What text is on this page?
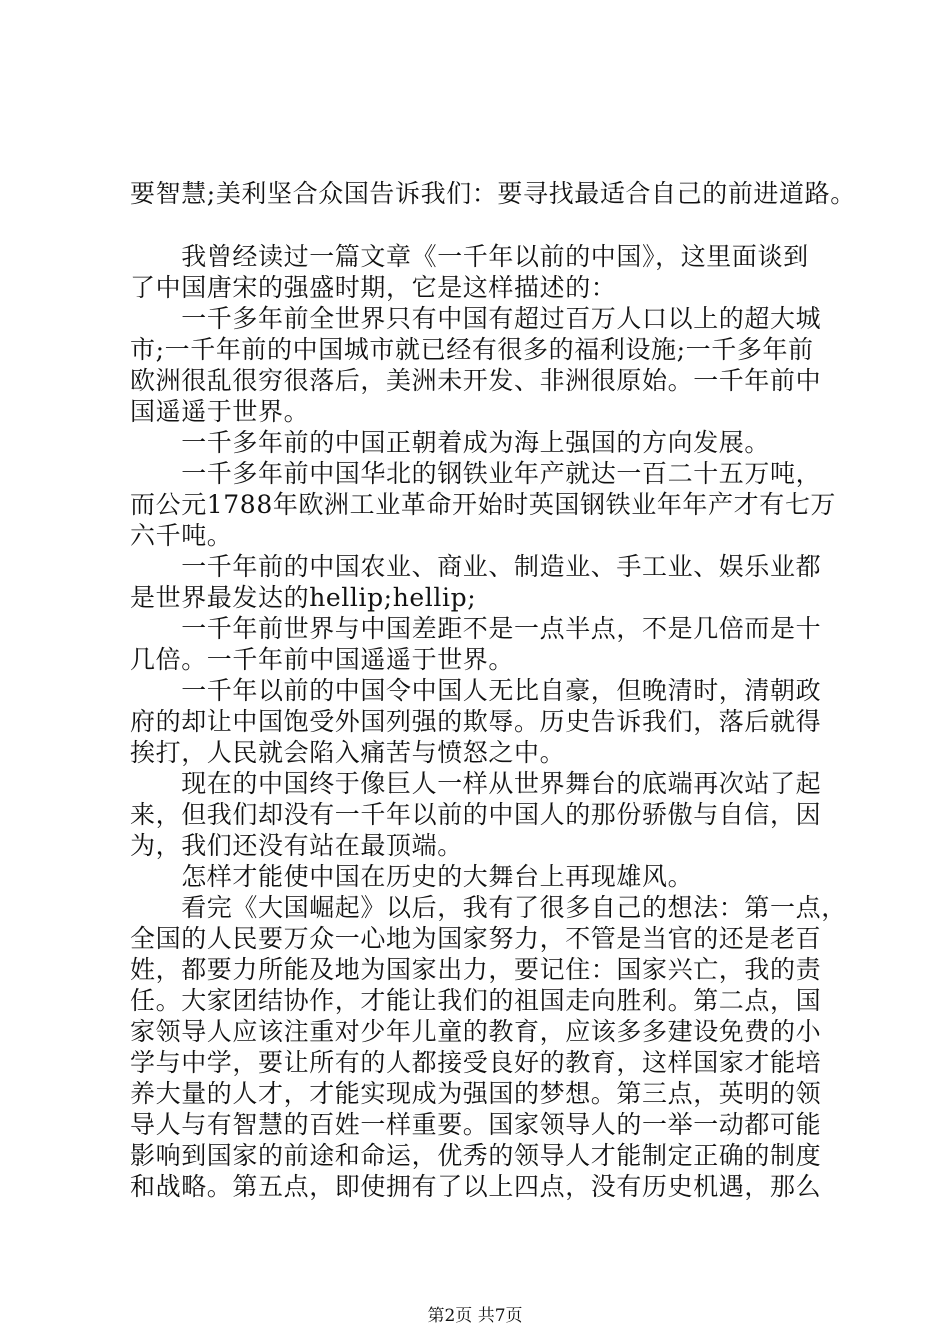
要智慧;美利坚合众国告诉我们：要寻找最适合自己的前进道路。
　　我曾经读过一篇文章《一千年以前的中国》，这里面谈到
了中国唐宋的强盛时期，它是这样描述的：
　　一千多年前全世界只有中国有超过百万人口以上的超大城
市;一千年前的中国城市就已经有很多的福利设施;一千多年前
欧洲很乱很穷很落后，美洲未开发、非洲很原始。一千年前中
国遥遥于世界。
　　一千多年前的中国正朝着成为海上强国的方向发展。
　　一千多年前中国华北的钢铁业年产就达一百二十五万吨，
而公元1788年欧洲工业革命开始时英国钢铁业年年产才有七万
六千吨。
　　一千年前的中国农业、商业、制造业、手工业、娱乐业都
是世界最发达的hellip;hellip;
　　一千年前世界与中国差距不是一点半点，不是几倍而是十
几倍。一千年前中国遥遥于世界。
　　一千年以前的中国令中国人无比自豪，但晚清时，清朝政
府的却让中国饱受外国列强的欺辱。历史告诉我们，落后就得
挨打，人民就会陷入痛苦与愤怒之中。
　　现在的中国终于像巨人一样从世界舞台的底端再次站了起
来，但我们却没有一千年以前的中国人的那份骄傲与自信，因
为，我们还没有站在最顶端。
　　怎样才能使中国在历史的大舞台上再现雄风。
　　看完《大国崛起》以后，我有了很多自己的想法：第一点，
全国的人民要万众一心地为国家努力，不管是当官的还是老百
姓，都要力所能及地为国家出力，要记住：国家兴亡，我的责
任。大家团结协作，才能让我们的祖国走向胜利。第二点，国
家领导人应该注重对少年儿童的教育，应该多多建设免费的小
学与中学，要让所有的人都接受良好的教育，这样国家才能培
养大量的人才，才能实现成为强国的梦想。第三点，英明的领
导人与有智慧的百姓一样重要。国家领导人的一举一动都可能
影响到国家的前途和命运，优秀的领导人才能制定正确的制度
和战略。第五点，即使拥有了以上四点，没有历史机遇，那么
第2页 共7页
